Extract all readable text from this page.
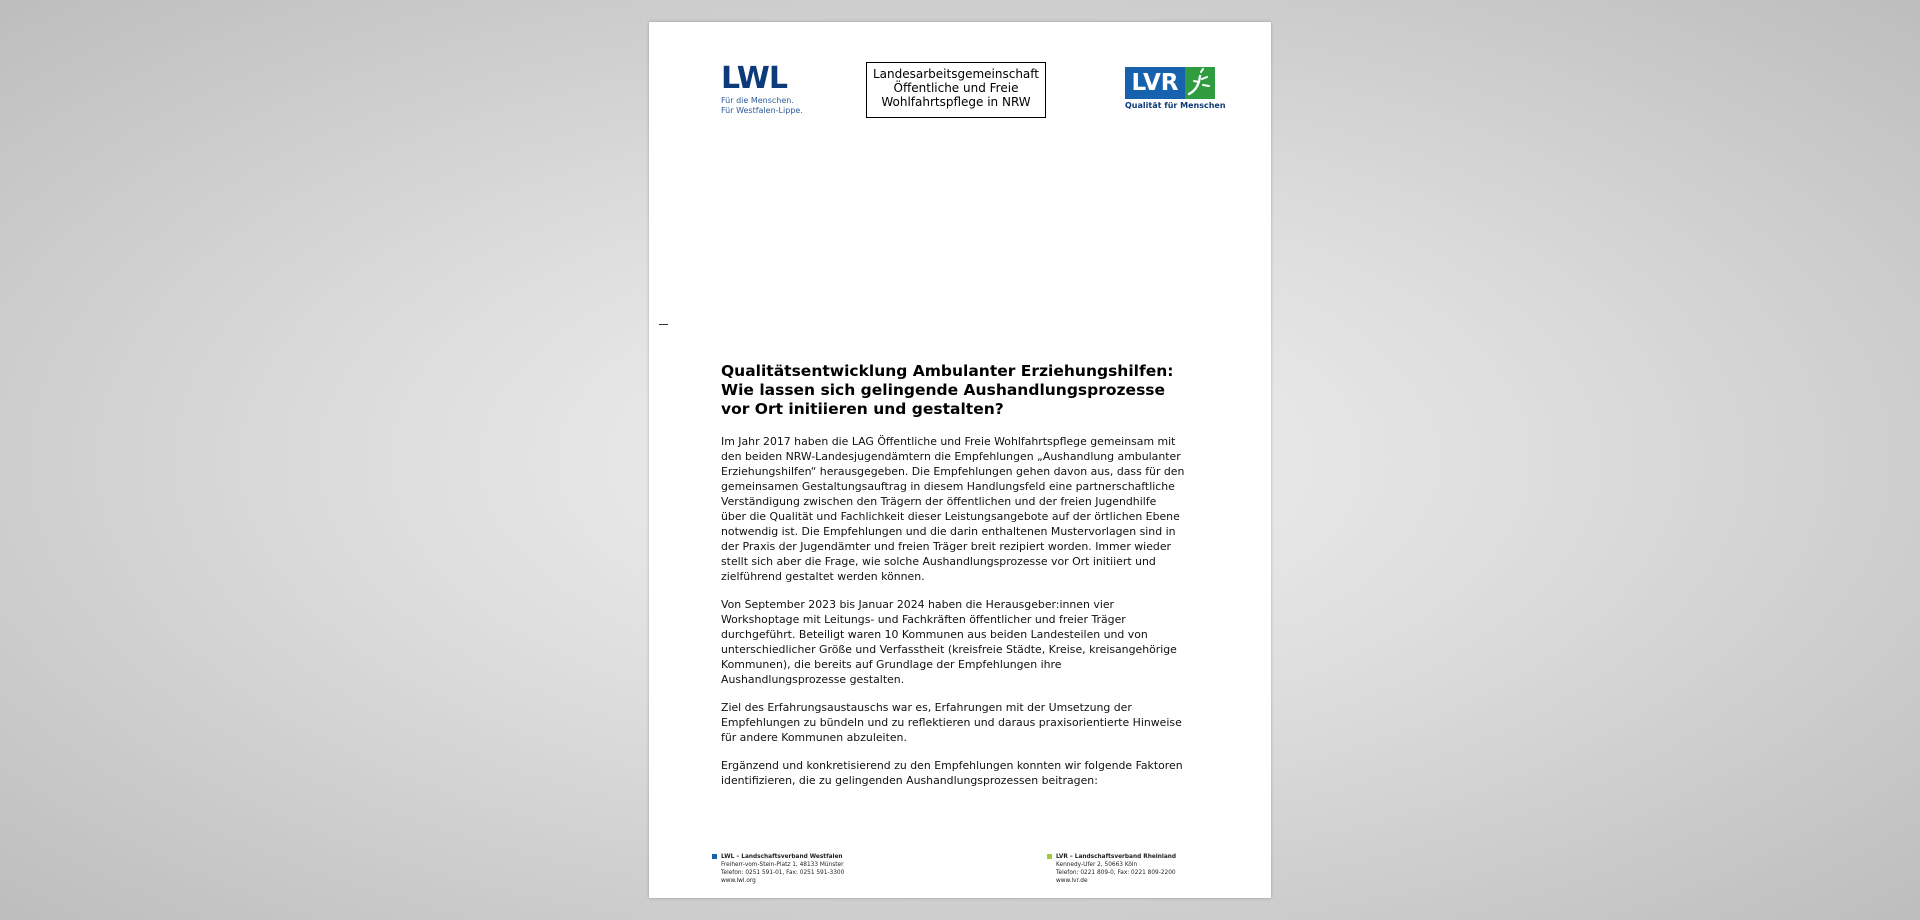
LWL
Für die Menschen.
Für Westfalen-Lippe.
Landesarbeitsgemeinschaft
Öffentliche und Freie
Wohlfahrtspflege in NRW
LVR
Qualität für Menschen
Qualitätsentwicklung Ambulanter Erziehungshilfen:
Wie lassen sich gelingende Aushandlungsprozesse
vor Ort initiieren und gestalten?

Im Jahr 2017 haben die LAG Öffentliche und Freie Wohlfahrtspflege gemeinsam mit
den beiden NRW-Landesjugendämtern die Empfehlungen „Aushandlung ambulanter
Erziehungshilfen“ herausgegeben. Die Empfehlungen gehen davon aus, dass für den
gemeinsamen Gestaltungsauftrag in diesem Handlungsfeld eine partnerschaftliche
Verständigung zwischen den Trägern der öffentlichen und der freien Jugendhilfe
über die Qualität und Fachlichkeit dieser Leistungsangebote auf der örtlichen Ebene
notwendig ist. Die Empfehlungen und die darin enthaltenen Mustervorlagen sind in
der Praxis der Jugendämter und freien Träger breit rezipiert worden. Immer wieder
stellt sich aber die Frage, wie solche Aushandlungsprozesse vor Ort initiiert und
zielführend gestaltet werden können.

Von September 2023 bis Januar 2024 haben die Herausgeber:innen vier
Workshoptage mit Leitungs- und Fachkräften öffentlicher und freier Träger
durchgeführt. Beteiligt waren 10 Kommunen aus beiden Landesteilen und von
unterschiedlicher Größe und Verfasstheit (kreisfreie Städte, Kreise, kreisangehörige
Kommunen), die bereits auf Grundlage der Empfehlungen ihre
Aushandlungsprozesse gestalten.

Ziel des Erfahrungsaustauschs war es, Erfahrungen mit der Umsetzung der
Empfehlungen zu bündeln und zu reflektieren und daraus praxisorientierte Hinweise
für andere Kommunen abzuleiten.

Ergänzend und konkretisierend zu den Empfehlungen konnten wir folgende Faktoren
identifizieren, die zu gelingenden Aushandlungsprozessen beitragen:

LWL – Landschaftsverband Westfalen
Freiherr-vom-Stein-Platz 1, 48133 Münster
Telefon: 0251 591-01, Fax: 0251 591-3300
www.lwl.org
LVR – Landschaftsverband Rheinland
Kennedy-Ufer 2, 50663 Köln
Telefon: 0221 809-0, Fax: 0221 809-2200
www.lvr.de
